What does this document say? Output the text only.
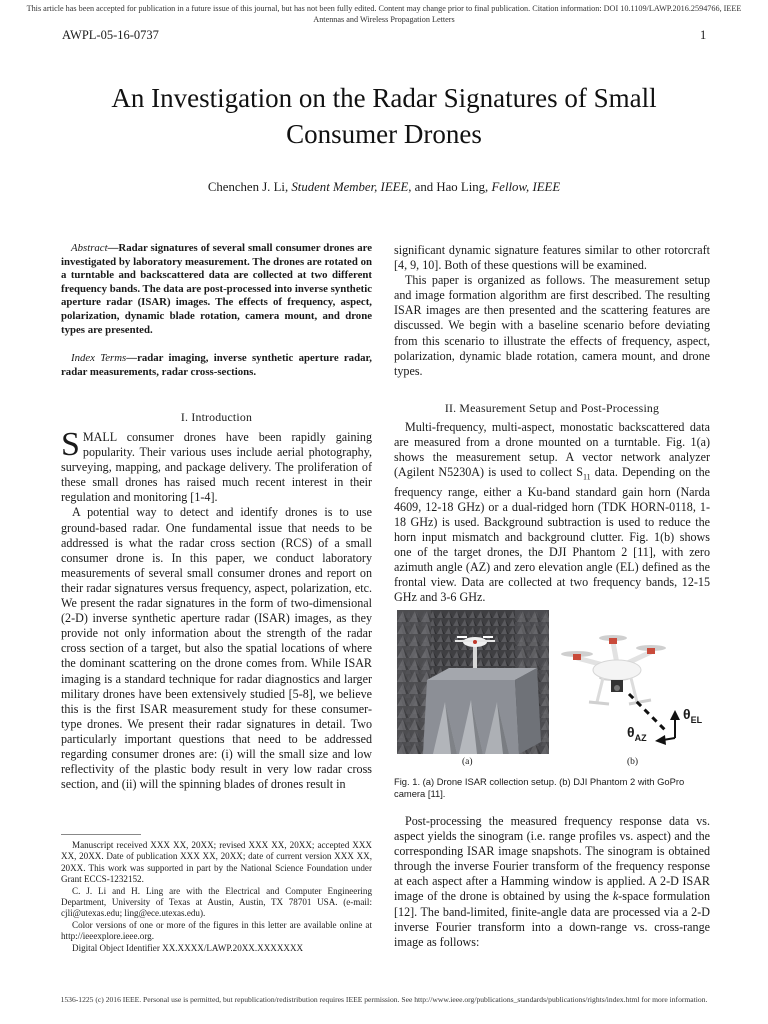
This article has been accepted for publication in a future issue of this journal, but has not been fully edited. Content may change prior to final publication. Citation information: DOI 10.1109/LAWP.2016.2594766, IEEE Antennas and Wireless Propagation Letters
AWPL-05-16-0737	1
An Investigation on the Radar Signatures of Small Consumer Drones
Chenchen J. Li, Student Member, IEEE, and Hao Ling, Fellow, IEEE
Abstract—Radar signatures of several small consumer drones are investigated by laboratory measurement. The drones are rotated on a turntable and backscattered data are collected at two different frequency bands. The data are post-processed into inverse synthetic aperture radar (ISAR) images. The effects of frequency, aspect, polarization, dynamic blade rotation, camera mount, and drone types are presented.
Index Terms—radar imaging, inverse synthetic aperture radar, radar measurements, radar cross-sections.
I. Introduction

SMALL consumer drones have been rapidly gaining popularity. Their various uses include aerial photography, surveying, mapping, and package delivery. The proliferation of these small drones has raised much recent interest in their regulation and monitoring [1-4].

A potential way to detect and identify drones is to use ground-based radar. One fundamental issue that needs to be addressed is what the radar cross section (RCS) of a small consumer drone is. In this paper, we conduct laboratory measurements of several small consumer drones and report on their radar signatures versus frequency, aspect, polarization, etc. We present the radar signatures in the form of two-dimensional (2-D) inverse synthetic aperture radar (ISAR) images, as they provide not only information about the strength of the radar cross section of a target, but also the spatial locations of where the dominant scattering on the drone comes from. While ISAR imaging is a standard technique for radar diagnostics and larger military drones have been extensively studied [5-8], we believe this is the first ISAR measurement study for these consumer-type drones. We present their radar signatures in detail. Two particularly important questions that need to be addressed regarding consumer drones are: (i) will the small size and low reflectivity of the plastic body result in very low radar cross section, and (ii) will the spinning blades of drones result in

Manuscript received XXX XX, 20XX; revised XXX XX, 20XX; accepted XXX XX, 20XX. Date of publication XXX XX, 20XX; date of current version XXX XX, 20XX. This work was supported in part by the National Science Foundation under Grant ECCS-1232152.

C. J. Li and H. Ling are with the Electrical and Computer Engineering Department, University of Texas at Austin, Austin, TX 78701 USA. (e-mail: cjli@utexas.edu; ling@ece.utexas.edu).

Color versions of one or more of the figures in this letter are available online at http://ieeexplore.ieee.org.

Digital Object Identifier XX.XXXX/LAWP.20XX.XXXXXXX

significant dynamic signature features similar to other rotorcraft [4, 9, 10]. Both of these questions will be examined.

This paper is organized as follows. The measurement setup and image formation algorithm are first described. The resulting ISAR images are then presented and the scattering features are discussed. We begin with a baseline scenario before deviating from this scenario to illustrate the effects of frequency, aspect, polarization, dynamic blade rotation, camera mount, and drone types.

II. Measurement Setup and Post-Processing

Multi-frequency, multi-aspect, monostatic backscattered data are measured from a drone mounted on a turntable. Fig. 1(a) shows the measurement setup. A vector network analyzer (Agilent N5230A) is used to collect $S_{11}$ data. Depending on the frequency range, either a Ku-band standard gain horn (Narda 4609, 12-18 GHz) or a dual-ridged horn (TDK HORN-0118, 1-18 GHz) is used. Background subtraction is used to reduce the horn input mismatch and background clutter. Fig. 1(b) shows one of the target drones, the DJI Phantom 2 [11], with zero azimuth angle (AZ) and zero elevation angle (EL) defined as the frontal view. Data are collected at two frequency bands, 12-15 GHz and 3-6 GHz.

$\theta_{EL}$
$\theta_{AZ}$
(a)	(b)
Fig. 1. (a) Drone ISAR collection setup. (b) DJI Phantom 2 with GoPro camera [11].

Post-processing the measured frequency response data vs. aspect yields the sinogram (i.e. range profiles vs. aspect) and the corresponding ISAR image snapshots. The sinogram is obtained through the inverse Fourier transform of the frequency response at each aspect after a Hamming window is applied. A 2-D ISAR image of the drone is obtained by using the k-space formulation [12]. The band-limited, finite-angle data are processed via a 2-D inverse Fourier transform into a down-range vs. cross-range image as follows:

1536-1225 (c) 2016 IEEE. Personal use is permitted, but republication/redistribution requires IEEE permission. See http://www.ieee.org/publications_standards/publications/rights/index.html for more information.
